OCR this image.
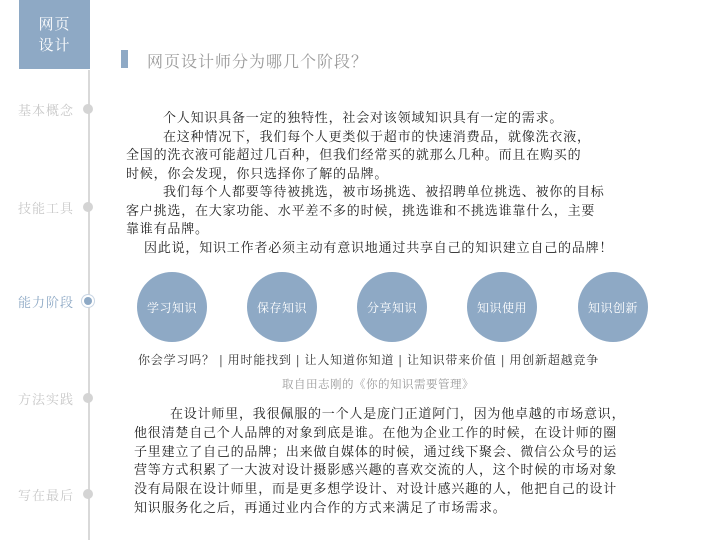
网页
设计
基本概念
技能工具
能力阶段
方法实践
写在最后
网页设计师分为哪几个阶段？
个人知识具备一定的独特性，社会对该领域知识具有一定的需求。
在这种情况下，我们每个人更类似于超市的快速消费品，就像洗衣液，
全国的洗衣液可能超过几百种，但我们经常买的就那么几种。而且在购买的
时候，你会发现，你只选择你了解的品牌。
我们每个人都要等待被挑选，被市场挑选、被招聘单位挑选、被你的目标
客户挑选，在大家功能、水平差不多的时候，挑选谁和不挑选谁靠什么，主要
靠谁有品牌。
因此说，知识工作者必须主动有意识地通过共享自己的知识建立自己的品牌！
学习知识	保存知识	分享知识	知识使用	知识创新
你会学习吗？ | 用时能找到 | 让人知道你知道 | 让知识带来价值 | 用创新超越竞争
取自田志刚的《你的知识需要管理》
在设计师里，我很佩服的一个人是庞门正道阿门，因为他卓越的市场意识，
他很清楚自己个人品牌的对象到底是谁。在他为企业工作的时候，在设计师的圈
子里建立了自己的品牌；出来做自媒体的时候，通过线下聚会、微信公众号的运
营等方式积累了一大波对设计摄影感兴趣的喜欢交流的人，这个时候的市场对象
没有局限在设计师里，而是更多想学设计、对设计感兴趣的人，他把自己的设计
知识服务化之后，再通过业内合作的方式来满足了市场需求。
